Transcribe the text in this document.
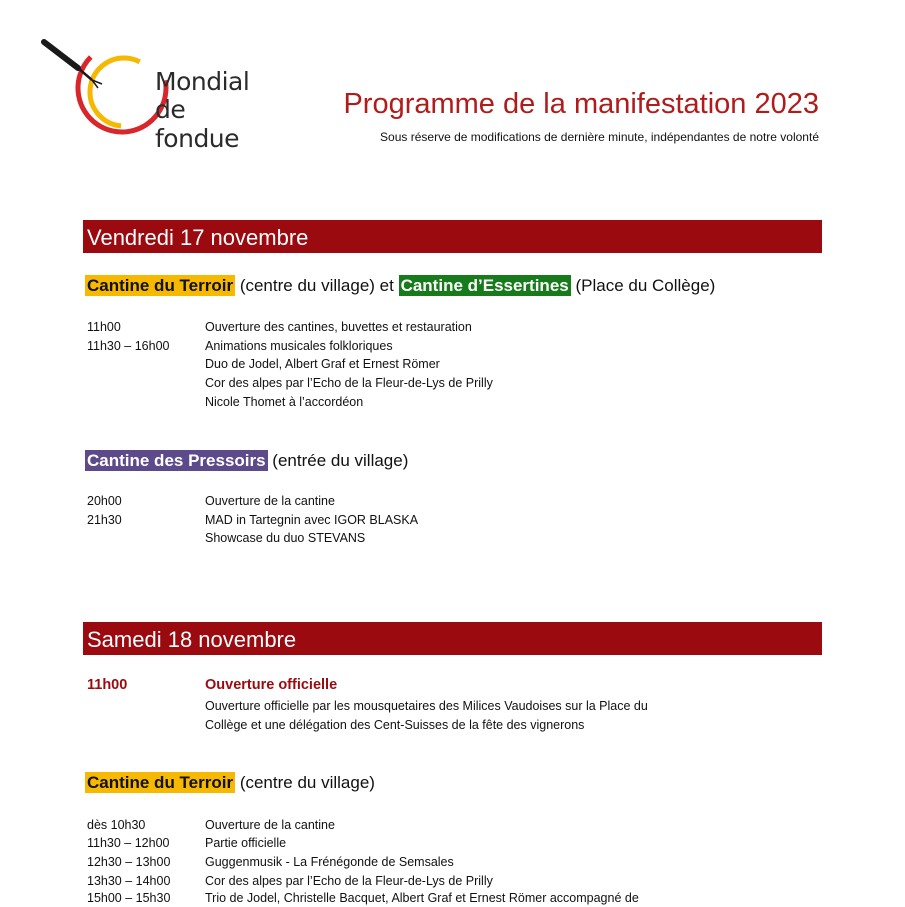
Mondial
de fondue
Programme de la manifestation 2023
Sous réserve de modifications de dernière minute, indépendantes de notre volonté
Vendredi 17 novembre
Cantine du Terroir (centre du village) et Cantine d’Essertines (Place du Collège)
11h00	Ouverture des cantines, buvettes et restauration
11h30 – 16h00	Animations musicales folkloriques
Duo de Jodel, Albert Graf et Ernest Römer
Cor des alpes par l’Echo de la Fleur-de-Lys de Prilly
Nicole Thomet à l’accordéon
Cantine des Pressoirs (entrée du village)
20h00	Ouverture de la cantine
21h30	MAD in Tartegnin avec IGOR BLASKA
Showcase du duo STEVANS
Samedi 18 novembre
11h00	Ouverture officielle
Ouverture officielle par les mousquetaires des Milices Vaudoises sur la Place du
Collège et une délégation des Cent-Suisses de la fête des vignerons
Cantine du Terroir (centre du village)
dès 10h30	Ouverture de la cantine
11h30 – 12h00	Partie officielle
12h30 – 13h00	Guggenmusik - La Frénégonde de Semsales
13h30 – 14h00	Cor des alpes par l’Echo de la Fleur-de-Lys de Prilly
15h00 – 15h30	Trio de Jodel, Christelle Bacquet, Albert Graf et Ernest Römer accompagné de
